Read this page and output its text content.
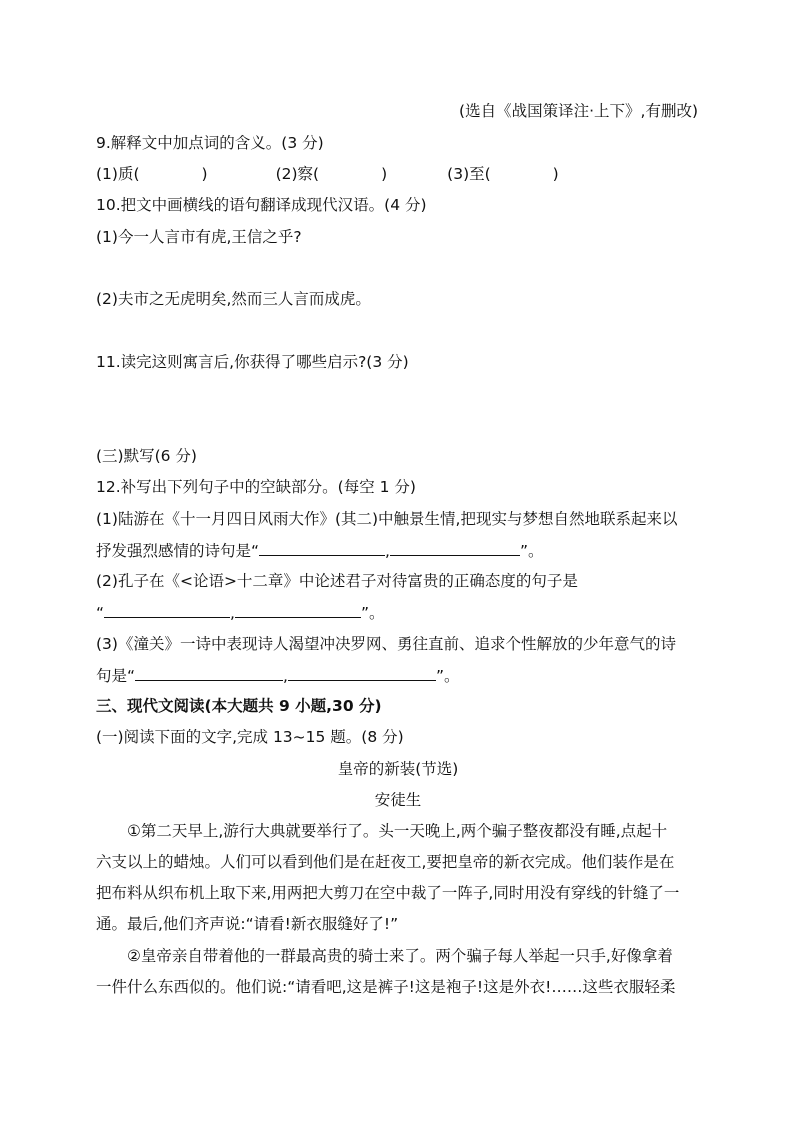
(选自《战国策译注·上下》,有删改)
9.解释文中加点词的含义。(3 分)
(1)质(	)	(2)察(	)	(3)至(	)
10.把文中画横线的语句翻译成现代汉语。(4 分)
(1)今一人言市有虎,王信之乎?
(2)夫市之无虎明矣,然而三人言而成虎。
11.读完这则寓言后,你获得了哪些启示?(3 分)
(三)默写(6 分)
12.补写出下列句子中的空缺部分。(每空 1 分)
(1)陆游在《十一月四日风雨大作》(其二)中触景生情,把现实与梦想自然地联系起来以
抒发强烈感情的诗句是“	,	”。
(2)孔子在《<论语>十二章》中论述君子对待富贵的正确态度的句子是
“	,	”。
(3)《潼关》一诗中表现诗人渴望冲决罗网、勇往直前、追求个性解放的少年意气的诗
句是“	,	”。
三、现代文阅读(本大题共 9 小题,30 分)
(一)阅读下面的文字,完成 13~15 题。(8 分)
皇帝的新装(节选)
安徒生
①第二天早上,游行大典就要举行了。头一天晚上,两个骗子整夜都没有睡,点起十
六支以上的蜡烛。人们可以看到他们是在赶夜工,要把皇帝的新衣完成。他们装作是在
把布料从织布机上取下来,用两把大剪刀在空中裁了一阵子,同时用没有穿线的针缝了一
通。最后,他们齐声说:“请看!新衣服缝好了!”
②皇帝亲自带着他的一群最高贵的骑士来了。两个骗子每人举起一只手,好像拿着
一件什么东西似的。他们说:“请看吧,这是裤子!这是袍子!这是外衣!……这些衣服轻柔
